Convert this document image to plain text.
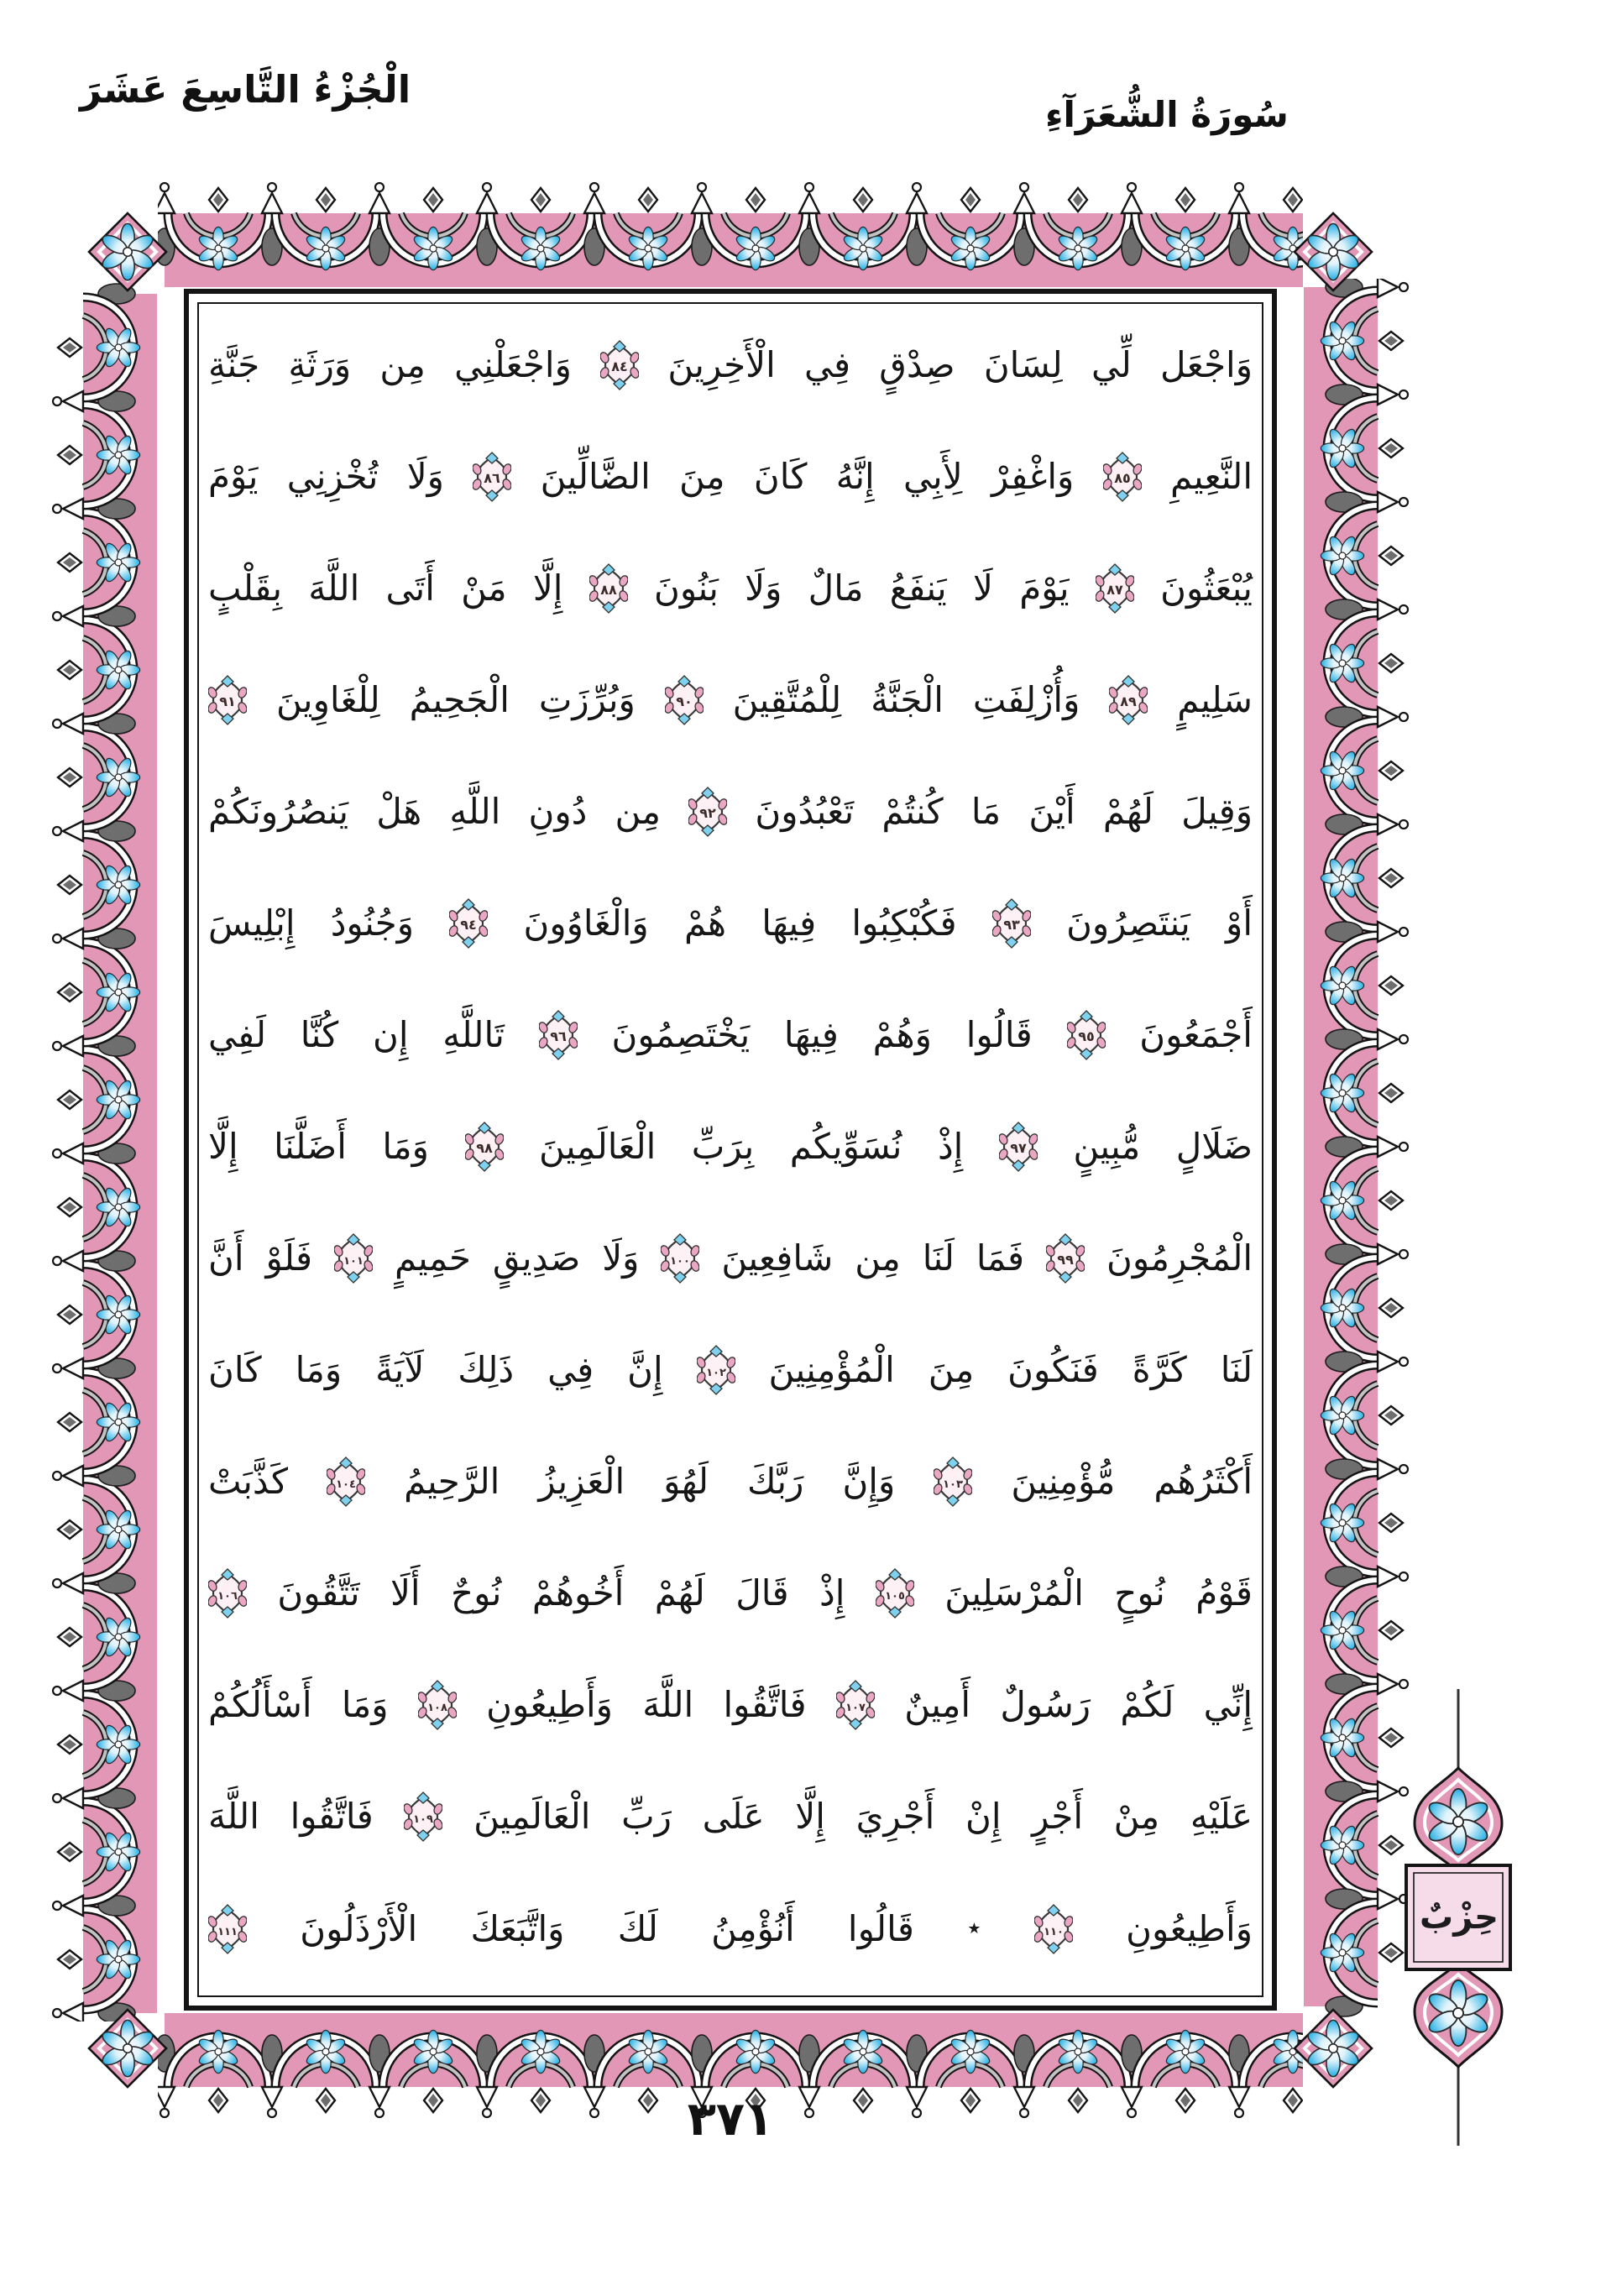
الْجُزْءُ التَّاسِعَ عَشَرَ
سُورَةُ الشُّعَرَآءِ
وَاجْعَل لِّي لِسَانَ صِدْقٍ فِي الْأَخِرِينَ
٨٤
وَاجْعَلْنِي مِن وَرَثَةِ جَنَّةِ
النَّعِيمِ
٨٥
وَاغْفِرْ لِأَبِي إِنَّهُ كَانَ مِنَ الضَّالِّينَ
٨٦
وَلَا تُخْزِنِي يَوْمَ
يُبْعَثُونَ
٨٧
يَوْمَ لَا يَنفَعُ مَالٌ وَلَا بَنُونَ
٨٨
إِلَّا مَنْ أَتَى اللَّهَ بِقَلْبٍ
سَلِيمٍ
٨٩
وَأُزْلِفَتِ الْجَنَّةُ لِلْمُتَّقِينَ
٩٠
وَبُرِّزَتِ الْجَحِيمُ لِلْغَاوِينَ
٩١
وَقِيلَ لَهُمْ أَيْنَ مَا كُنتُمْ تَعْبُدُونَ
٩٢
مِن دُونِ اللَّهِ هَلْ يَنصُرُونَكُمْ
أَوْ يَنتَصِرُونَ
٩٣
فَكُبْكِبُوا فِيهَا هُمْ وَالْغَاوُونَ
٩٤
وَجُنُودُ إِبْلِيسَ
أَجْمَعُونَ
٩٥
قَالُوا وَهُمْ فِيهَا يَخْتَصِمُونَ
٩٦
تَاللَّهِ إِن كُنَّا لَفِي
ضَلَالٍ مُّبِينٍ
٩٧
إِذْ نُسَوِّيكُم بِرَبِّ الْعَالَمِينَ
٩٨
وَمَا أَضَلَّنَا إِلَّا
الْمُجْرِمُونَ
٩٩
فَمَا لَنَا مِن شَافِعِينَ
١٠٠
وَلَا صَدِيقٍ حَمِيمٍ
١٠١
فَلَوْ أَنَّ
لَنَا كَرَّةً فَنَكُونَ مِنَ الْمُؤْمِنِينَ
١٠٢
إِنَّ فِي ذَلِكَ لَآيَةً وَمَا كَانَ
أَكْثَرُهُم مُّؤْمِنِينَ
١٠٣
وَإِنَّ رَبَّكَ لَهُوَ الْعَزِيزُ الرَّحِيمُ
١٠٤
كَذَّبَتْ
قَوْمُ نُوحٍ الْمُرْسَلِينَ
١٠٥
إِذْ قَالَ لَهُمْ أَخُوهُمْ نُوحٌ أَلَا تَتَّقُونَ
١٠٦
إِنِّي لَكُمْ رَسُولٌ أَمِينٌ
١٠٧
فَاتَّقُوا اللَّهَ وَأَطِيعُونِ
١٠٨
وَمَا أَسْأَلُكُمْ
عَلَيْهِ مِنْ أَجْرٍ إِنْ أَجْرِيَ إِلَّا عَلَى رَبِّ الْعَالَمِينَ
١٠٩
فَاتَّقُوا اللَّهَ
وَأَطِيعُونِ
١١٠
٭ قَالُوا أَنُؤْمِنُ لَكَ وَاتَّبَعَكَ الْأَرْذَلُونَ
١١١	حِزْبٌ
٣٧١
